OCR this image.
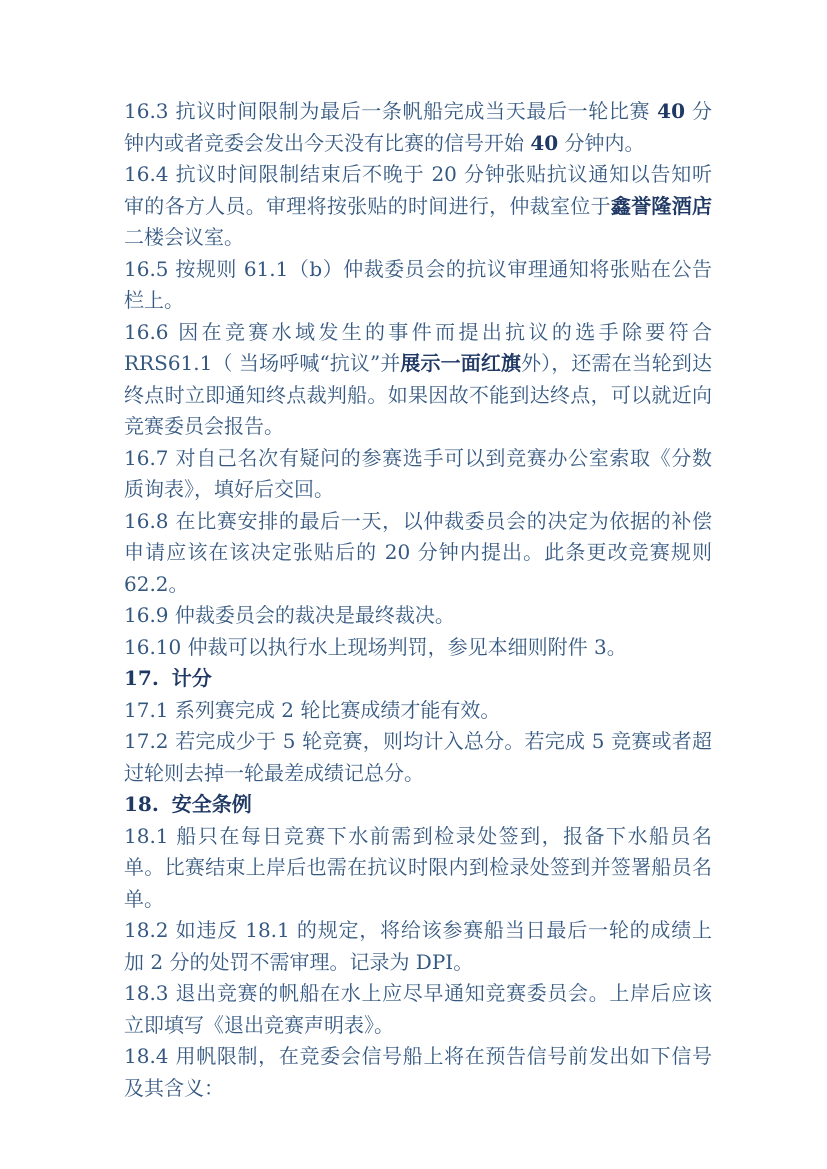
16.3 抗议时间限制为最后一条帆船完成当天最后一轮比赛 40 分钟内或者竞委会发出今天没有比赛的信号开始 40 分钟内。

16.4 抗议时间限制结束后不晚于 20 分钟张贴抗议通知以告知听审的各方人员。审理将按张贴的时间进行，仲裁室位于鑫誉隆酒店二楼会议室。

16.5 按规则 61.1（b）仲裁委员会的抗议审理通知将张贴在公告栏上。

16.6 因在竞赛水域发生的事件而提出抗议的选手除要符合 RRS61.1（ 当场呼喊“抗议”并展示一面红旗外），还需在当轮到达终点时立即通知终点裁判船。如果因故不能到达终点，可以就近向竞赛委员会报告。

16.7 对自己名次有疑问的参赛选手可以到竞赛办公室索取《分数质询表》，填好后交回。

16.8 在比赛安排的最后一天，以仲裁委员会的决定为依据的补偿申请应该在该决定张贴后的 20 分钟内提出。此条更改竞赛规则 62.2。

16.9 仲裁委员会的裁决是最终裁决。

16.10 仲裁可以执行水上现场判罚，参见本细则附件 3。

17. 计分

17.1 系列赛完成 2 轮比赛成绩才能有效。

17.2 若完成少于 5 轮竞赛，则均计入总分。若完成 5 竞赛或者超过轮则去掉一轮最差成绩记总分。

18. 安全条例

18.1 船只在每日竞赛下水前需到检录处签到，报备下水船员名单。比赛结束上岸后也需在抗议时限内到检录处签到并签署船员名单。

18.2 如违反 18.1 的规定，将给该参赛船当日最后一轮的成绩上加 2 分的处罚不需审理。记录为 DPI。

18.3 退出竞赛的帆船在水上应尽早通知竞赛委员会。上岸后应该立即填写《退出竞赛声明表》。

18.4 用帆限制，在竞委会信号船上将在预告信号前发出如下信号及其含义：
